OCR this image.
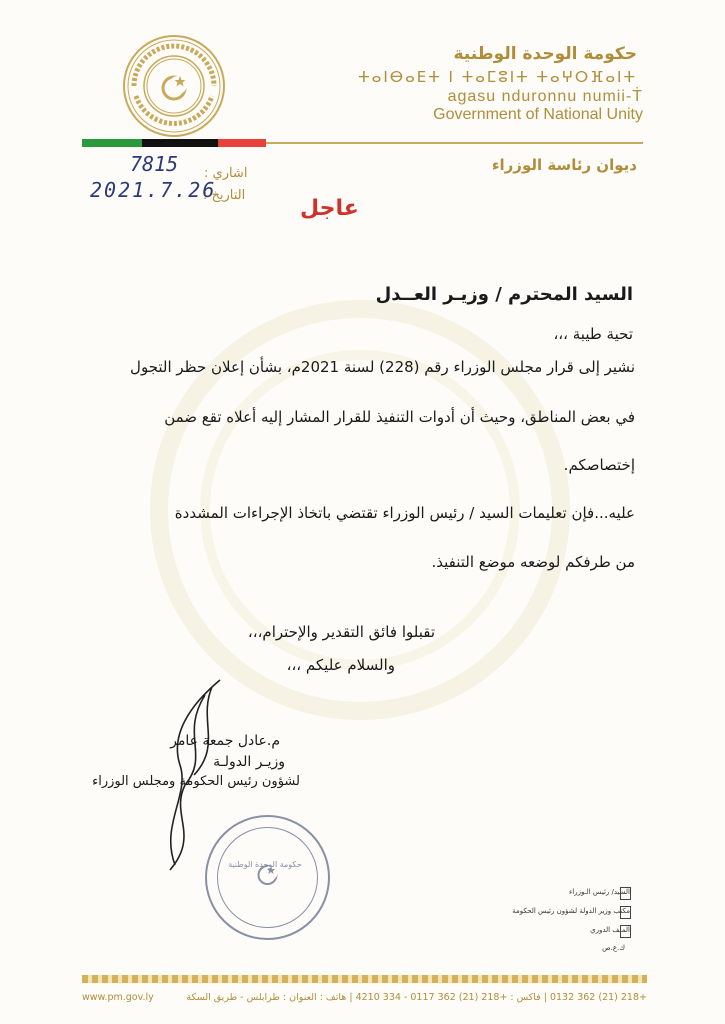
حكومة الوحدة الوطنية
ⵜⴰⵏⴱⴰⴹⵜ ⵏ ⵜⴰⵎⵓⵏⵜ ⵜⴰⵖⵔⴼⴰⵏⵜ
agasu ndurοnnu numii-Ṫ
Government of National Unity
ديوان رئاسة الوزراء
اشاري :
7815
التاريخ :
2021.7.26
عاجل
السيد المحترم / وزيـر العــدل
تحية طيبة ،،،
نشير إلى قرار مجلس الوزراء رقم (228) لسنة 2021م، بشأن إعلان حظر التجول
في بعض المناطق، وحيث أن أدوات التنفيذ للقرار المشار إليه أعلاه تقع ضمن
إختصاصكم.
عليه...فإن تعليمات السيد / رئيس الوزراء تقتضي باتخاذ الإجراءات المشددة
من طرفكم لوضعه موضع التنفيذ.
تقبلوا فائق التقدير والإحترام،،،
والسلام عليكم ،،،
م.عادل جمعة عامر
وزيـر الدولـة
لشؤون رئيس الحكومة ومجلس الوزراء
حكومة الوحدة الوطنية
السيد/ رئيس الـوزراء
مكتب وزير الدولة لشؤون رئيس الحكومة
الملف الدوري
ك.ع.ص
www.pm.gov.ly	+218 (21) 362 0132 | فاكس : +218 (21) 362 0117 - 334 4210 | هاتف : العنوان : طرابلس - طريق السكة
